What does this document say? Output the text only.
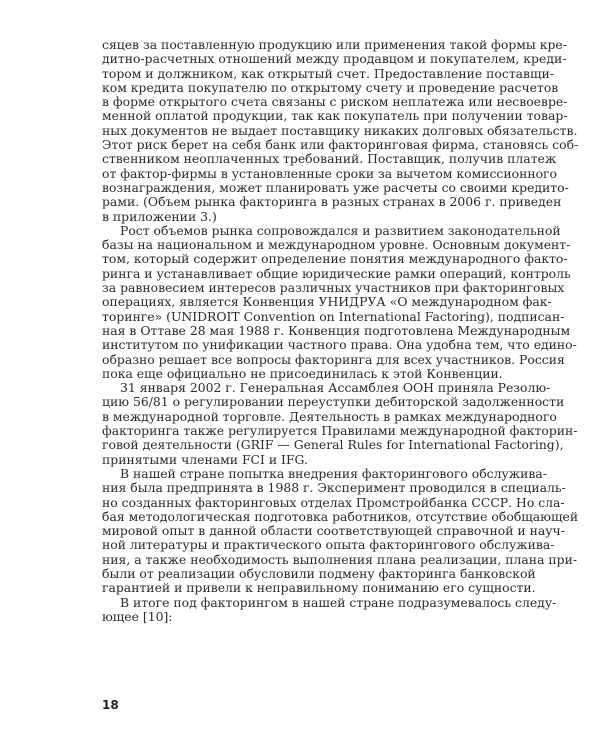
сяцев за поставленную продукцию или применения такой формы кре-
дитно-расчетных отношений между продавцом и покупателем, креди-
тором и должником, как открытый счет. Предоставление поставщи-
ком кредита покупателю по открытому счету и проведение расчетов
в форме открытого счета связаны с риском неплатежа или несвоевре-
менной оплатой продукции, так как покупатель при получении товар-
ных документов не выдает поставщику никаких долговых обязательств.
Этот риск берет на себя банк или факторинговая фирма, становясь соб-
ственником неоплаченных требований. Поставщик, получив платеж
от фактор-фирмы в установленные сроки за вычетом комиссионного
вознаграждения, может планировать уже расчеты со своими кредито-
рами. (Объем рынка факторинга в разных странах в 2006 г. приведен
в приложении 3.)
Рост объемов рынка сопровождался и развитием законодательной
базы на национальном и международном уровне. Основным документ-
том, который содержит определение понятия международного факто-
ринга и устанавливает общие юридические рамки операций, контроль
за равновесием интересов различных участников при факторинговых
операциях, является Конвенция УНИДРУА «О международном фак-
торинге» (UNIDROIT Convention on International Factoring), подписан-
ная в Оттаве 28 мая 1988 г. Конвенция подготовлена Международным
институтом по унификации частного права. Она удобна тем, что едино-
образно решает все вопросы факторинга для всех участников. Россия
пока еще официально не присоединилась к этой Конвенции.
31 января 2002 г. Генеральная Ассамблея ООН приняла Резолю-
цию 56/81 о регулировании переуступки дебиторской задолженности
в международной торговле. Деятельность в рамках международного
факторинга также регулируется Правилами международной факторин-
говой деятельности (GRIF — General Rules for International Factoring),
принятыми членами FCI и IFG.
В нашей стране попытка внедрения факторингового обслужива-
ния была предпринята в 1988 г. Эксперимент проводился в специаль-
но созданных факторинговых отделах Промстройбанка СССР. Но сла-
бая методологическая подготовка работников, отсутствие обобщающей
мировой опыт в данной области соответствующей справочной и науч-
ной литературы и практического опыта факторингового обслужива-
ния, а также необходимость выполнения плана реализации, плана при-
были от реализации обусловили подмену факторинга банковской
гарантией и привели к неправильному пониманию его сущности.
В итоге под факторингом в нашей стране подразумевалось следу-
ющее [10]:
18
